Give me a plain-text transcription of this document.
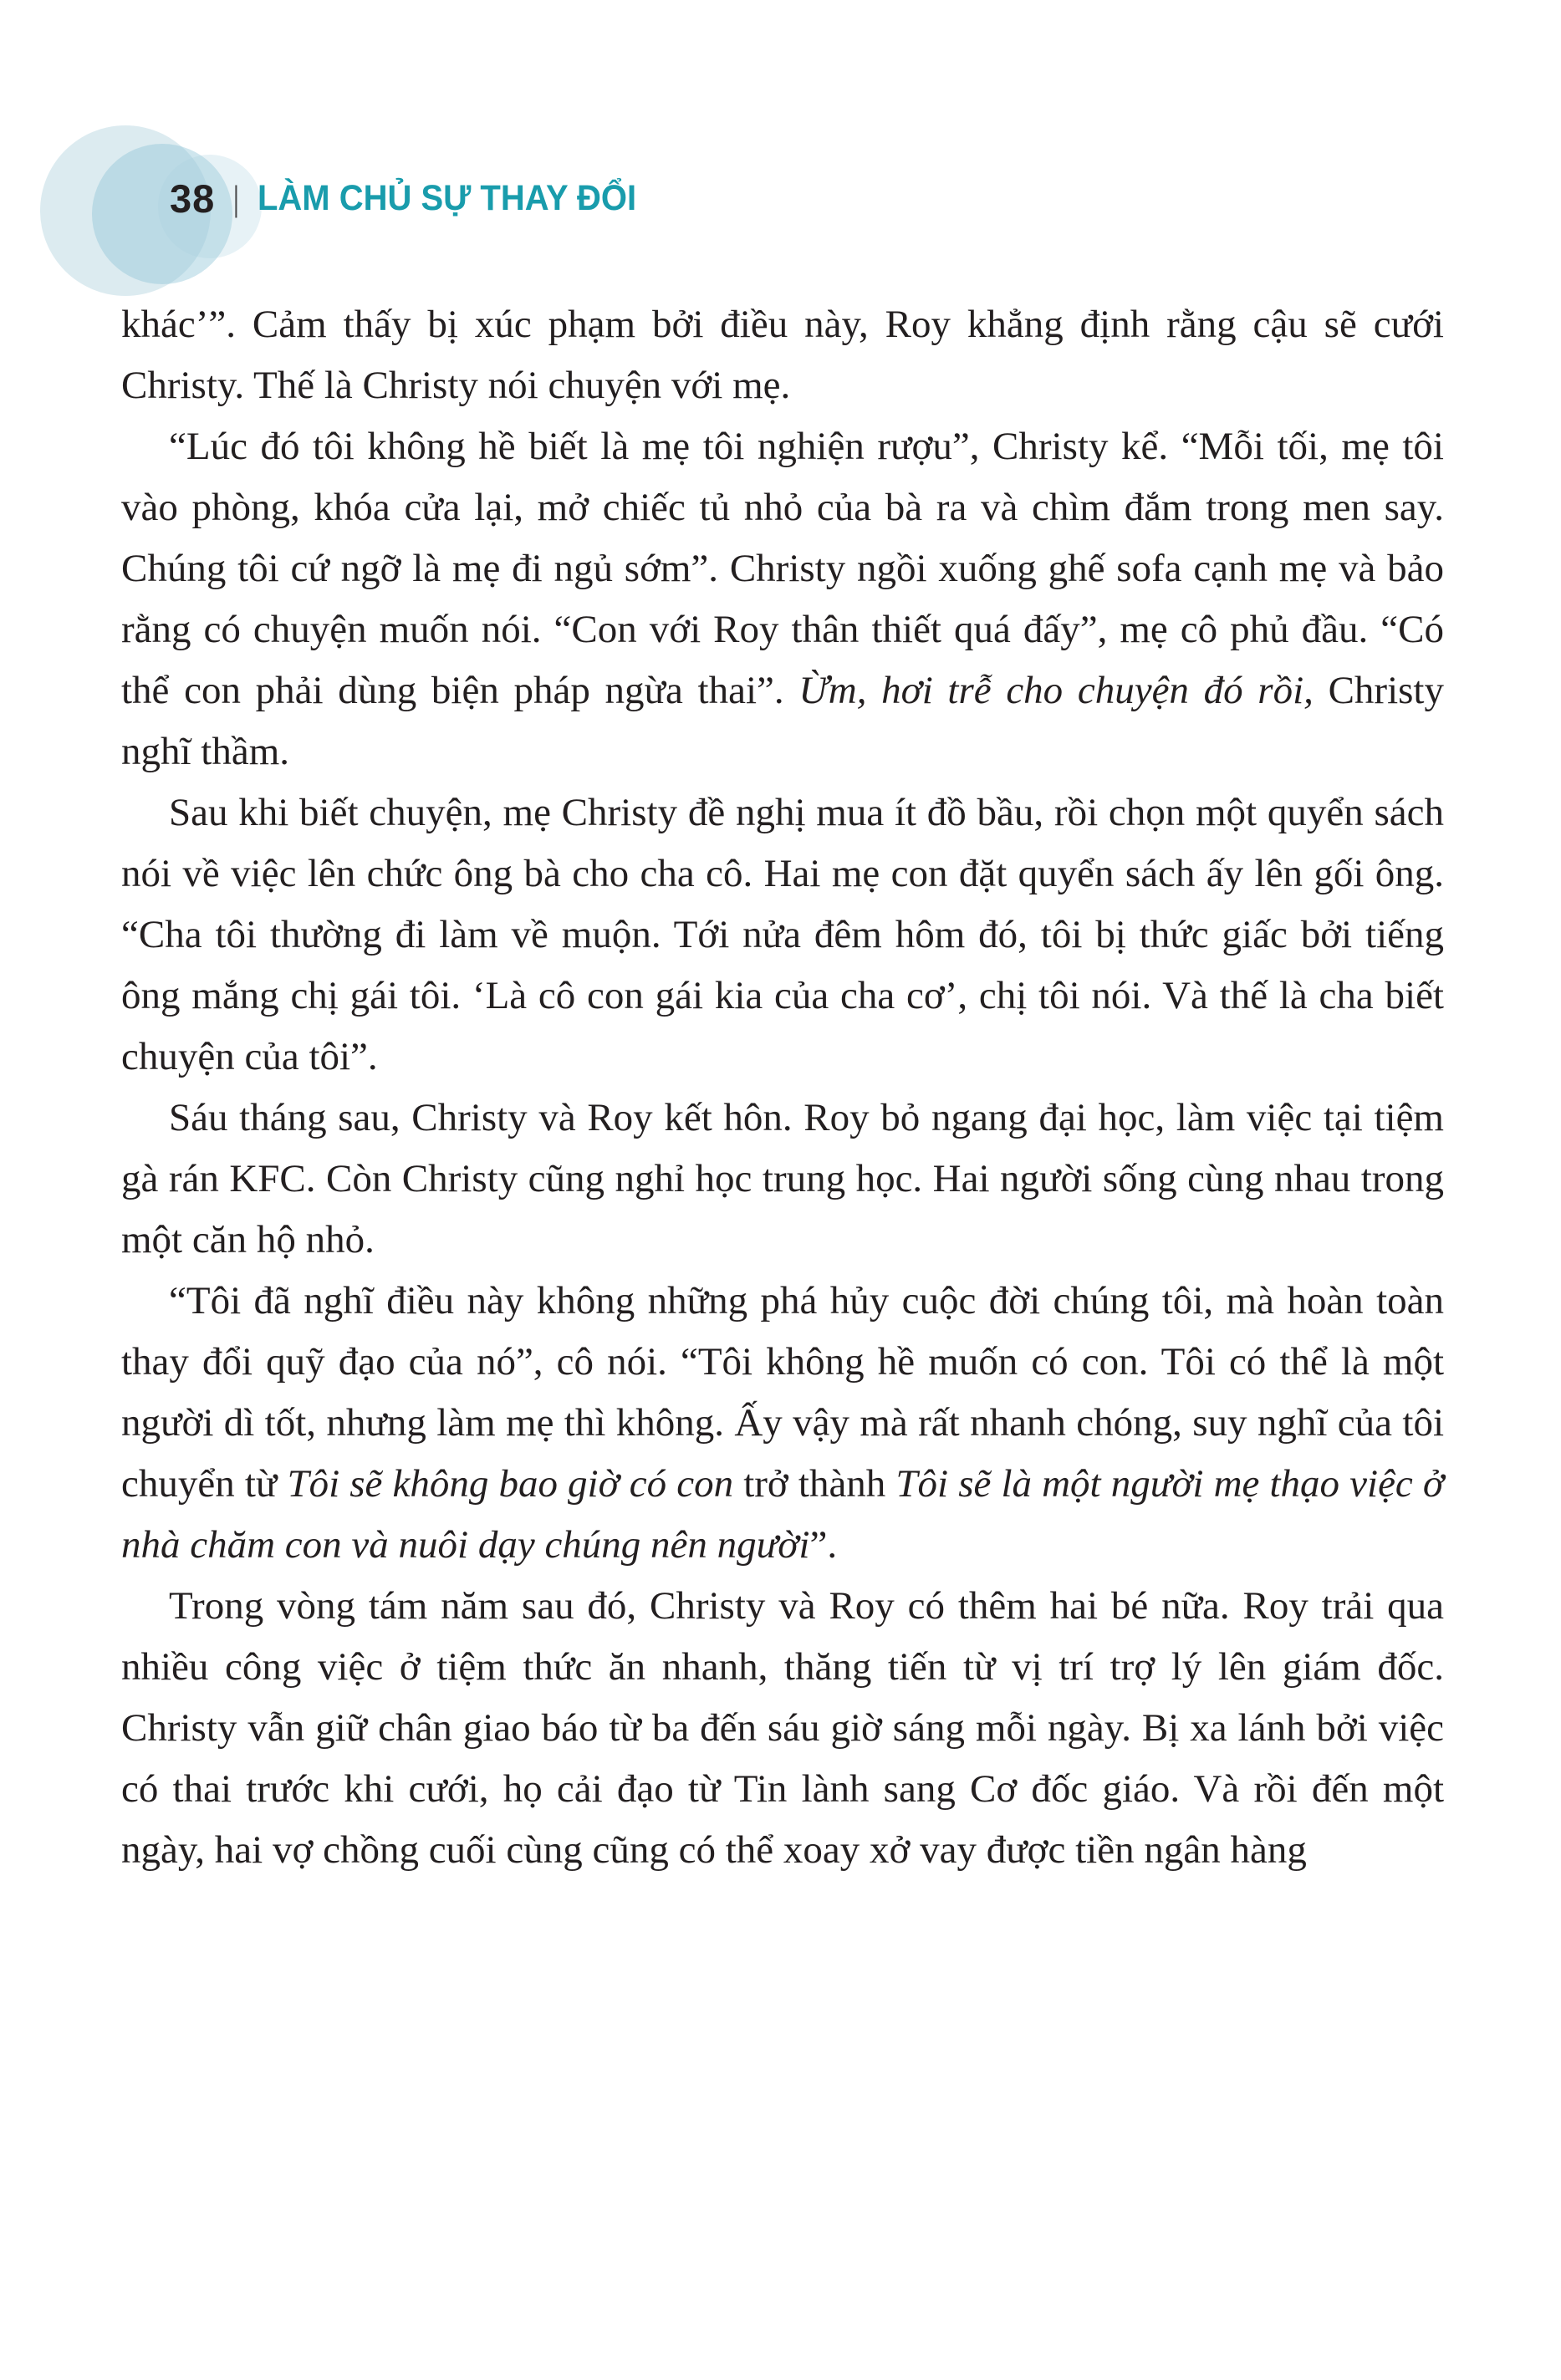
38 | LÀM CHỦ SỰ THAY ĐỔI

khác’”. Cảm thấy bị xúc phạm bởi điều này, Roy khẳng định rằng cậu sẽ cưới Christy. Thế là Christy nói chuyện với mẹ.

“Lúc đó tôi không hề biết là mẹ tôi nghiện rượu”, Christy kể. “Mỗi tối, mẹ tôi vào phòng, khóa cửa lại, mở chiếc tủ nhỏ của bà ra và chìm đắm trong men say. Chúng tôi cứ ngỡ là mẹ đi ngủ sớm”. Christy ngồi xuống ghế sofa cạnh mẹ và bảo rằng có chuyện muốn nói. “Con với Roy thân thiết quá đấy”, mẹ cô phủ đầu. “Có thể con phải dùng biện pháp ngừa thai”. Ừm, hơi trễ cho chuyện đó rồi, Christy nghĩ thầm.

Sau khi biết chuyện, mẹ Christy đề nghị mua ít đồ bầu, rồi chọn một quyển sách nói về việc lên chức ông bà cho cha cô. Hai mẹ con đặt quyển sách ấy lên gối ông. “Cha tôi thường đi làm về muộn. Tới nửa đêm hôm đó, tôi bị thức giấc bởi tiếng ông mắng chị gái tôi. ‘Là cô con gái kia của cha cơ’, chị tôi nói. Và thế là cha biết chuyện của tôi”.

Sáu tháng sau, Christy và Roy kết hôn. Roy bỏ ngang đại học, làm việc tại tiệm gà rán KFC. Còn Christy cũng nghỉ học trung học. Hai người sống cùng nhau trong một căn hộ nhỏ.

“Tôi đã nghĩ điều này không những phá hủy cuộc đời chúng tôi, mà hoàn toàn thay đổi quỹ đạo của nó”, cô nói. “Tôi không hề muốn có con. Tôi có thể là một người dì tốt, nhưng làm mẹ thì không. Ấy vậy mà rất nhanh chóng, suy nghĩ của tôi chuyển từ Tôi sẽ không bao giờ có con trở thành Tôi sẽ là một người mẹ thạo việc ở nhà chăm con và nuôi dạy chúng nên người”.

Trong vòng tám năm sau đó, Christy và Roy có thêm hai bé nữa. Roy trải qua nhiều công việc ở tiệm thức ăn nhanh, thăng tiến từ vị trí trợ lý lên giám đốc. Christy vẫn giữ chân giao báo từ ba đến sáu giờ sáng mỗi ngày. Bị xa lánh bởi việc có thai trước khi cưới, họ cải đạo từ Tin lành sang Cơ đốc giáo. Và rồi đến một ngày, hai vợ chồng cuối cùng cũng có thể xoay xở vay được tiền ngân hàng
